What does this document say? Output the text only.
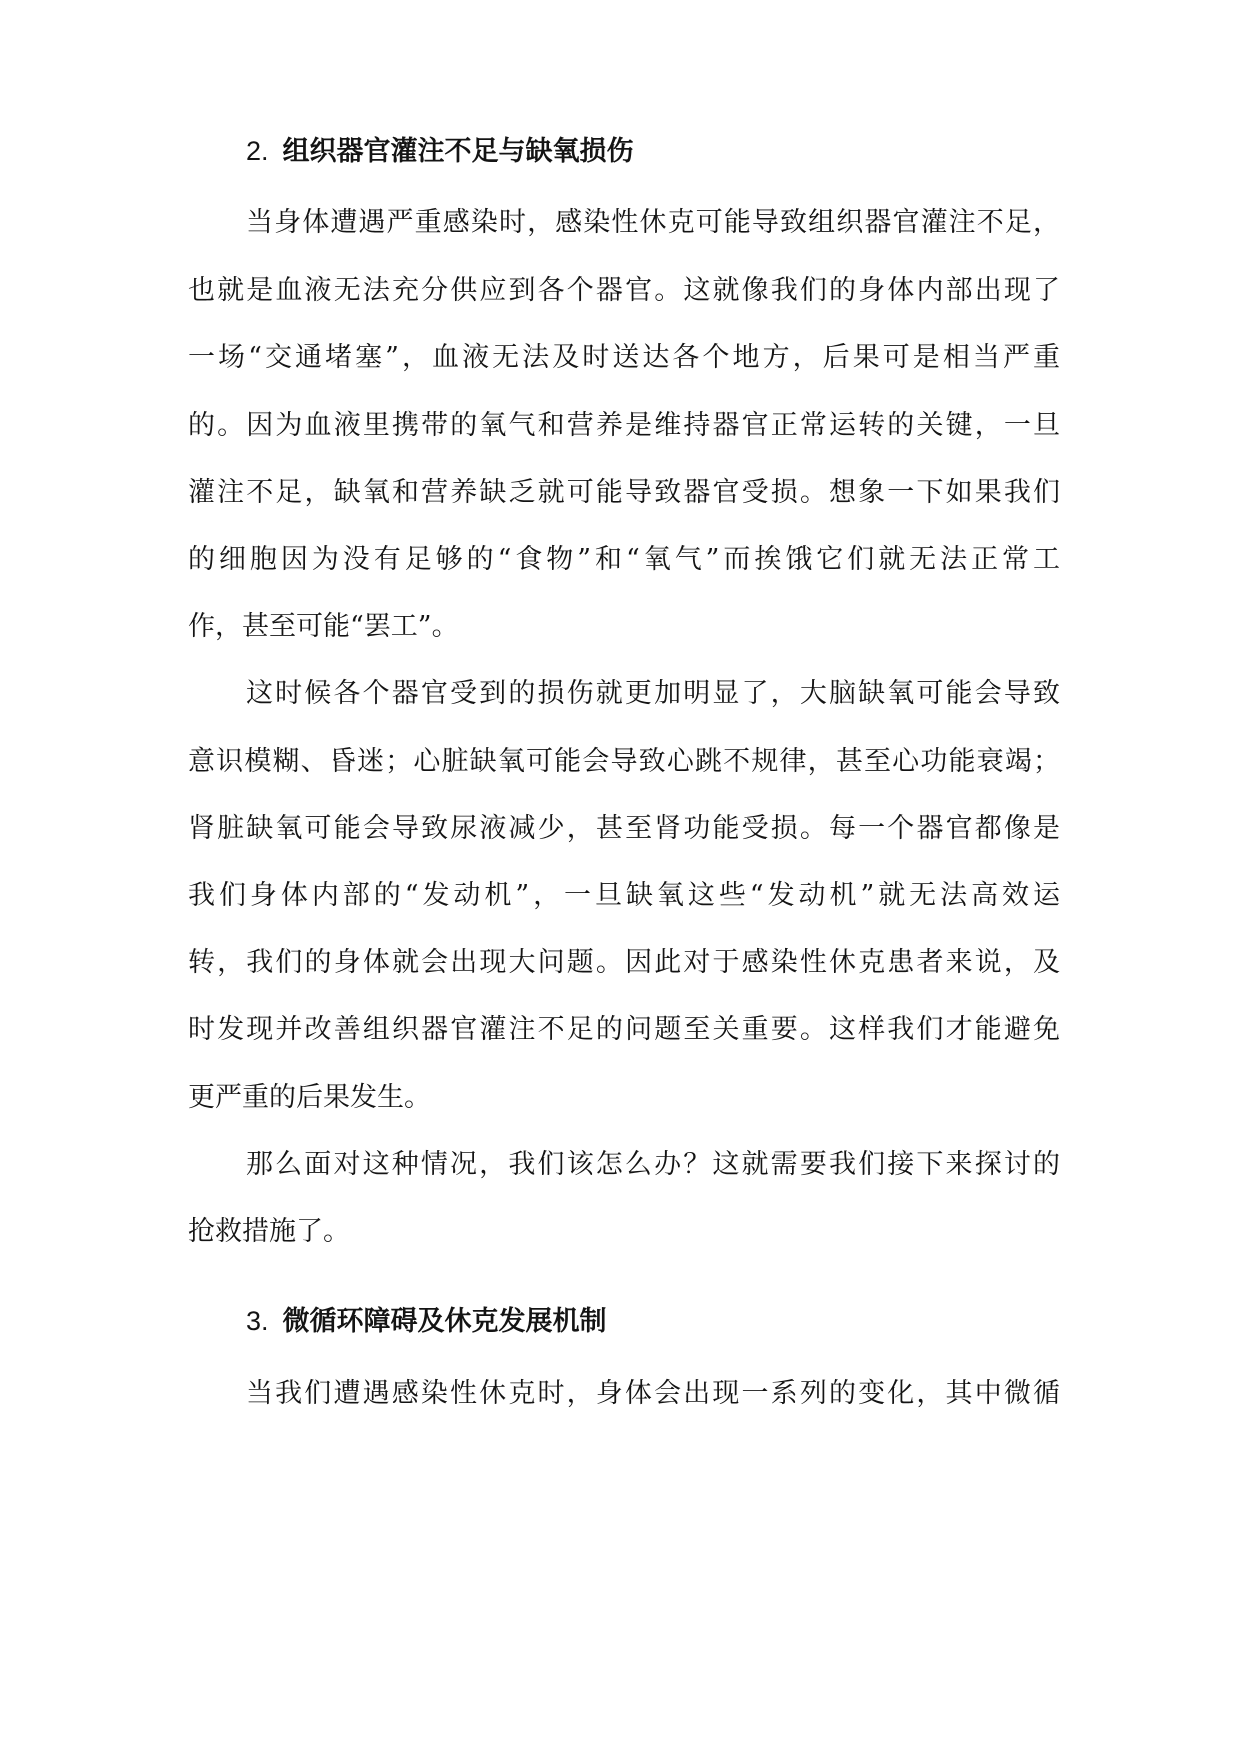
2. 组织器官灌注不足与缺氧损伤
当身体遭遇严重感染时，感染性休克可能导致组织器官灌注不足，
也就是血液无法充分供应到各个器官。这就像我们的身体内部出现了
一场“交通堵塞”，血液无法及时送达各个地方，后果可是相当严重
的。因为血液里携带的氧气和营养是维持器官正常运转的关键，一旦
灌注不足，缺氧和营养缺乏就可能导致器官受损。想象一下如果我们
的细胞因为没有足够的“食物”和“氧气”而挨饿它们就无法正常工
作，甚至可能“罢工”。
这时候各个器官受到的损伤就更加明显了，大脑缺氧可能会导致
意识模糊、昏迷；心脏缺氧可能会导致心跳不规律，甚至心功能衰竭；
肾脏缺氧可能会导致尿液减少，甚至肾功能受损。每一个器官都像是
我们身体内部的“发动机”，一旦缺氧这些“发动机”就无法高效运
转，我们的身体就会出现大问题。因此对于感染性休克患者来说，及
时发现并改善组织器官灌注不足的问题至关重要。这样我们才能避免
更严重的后果发生。
那么面对这种情况，我们该怎么办？这就需要我们接下来探讨的
抢救措施了。
3. 微循环障碍及休克发展机制
当我们遭遇感染性休克时，身体会出现一系列的变化，其中微循
